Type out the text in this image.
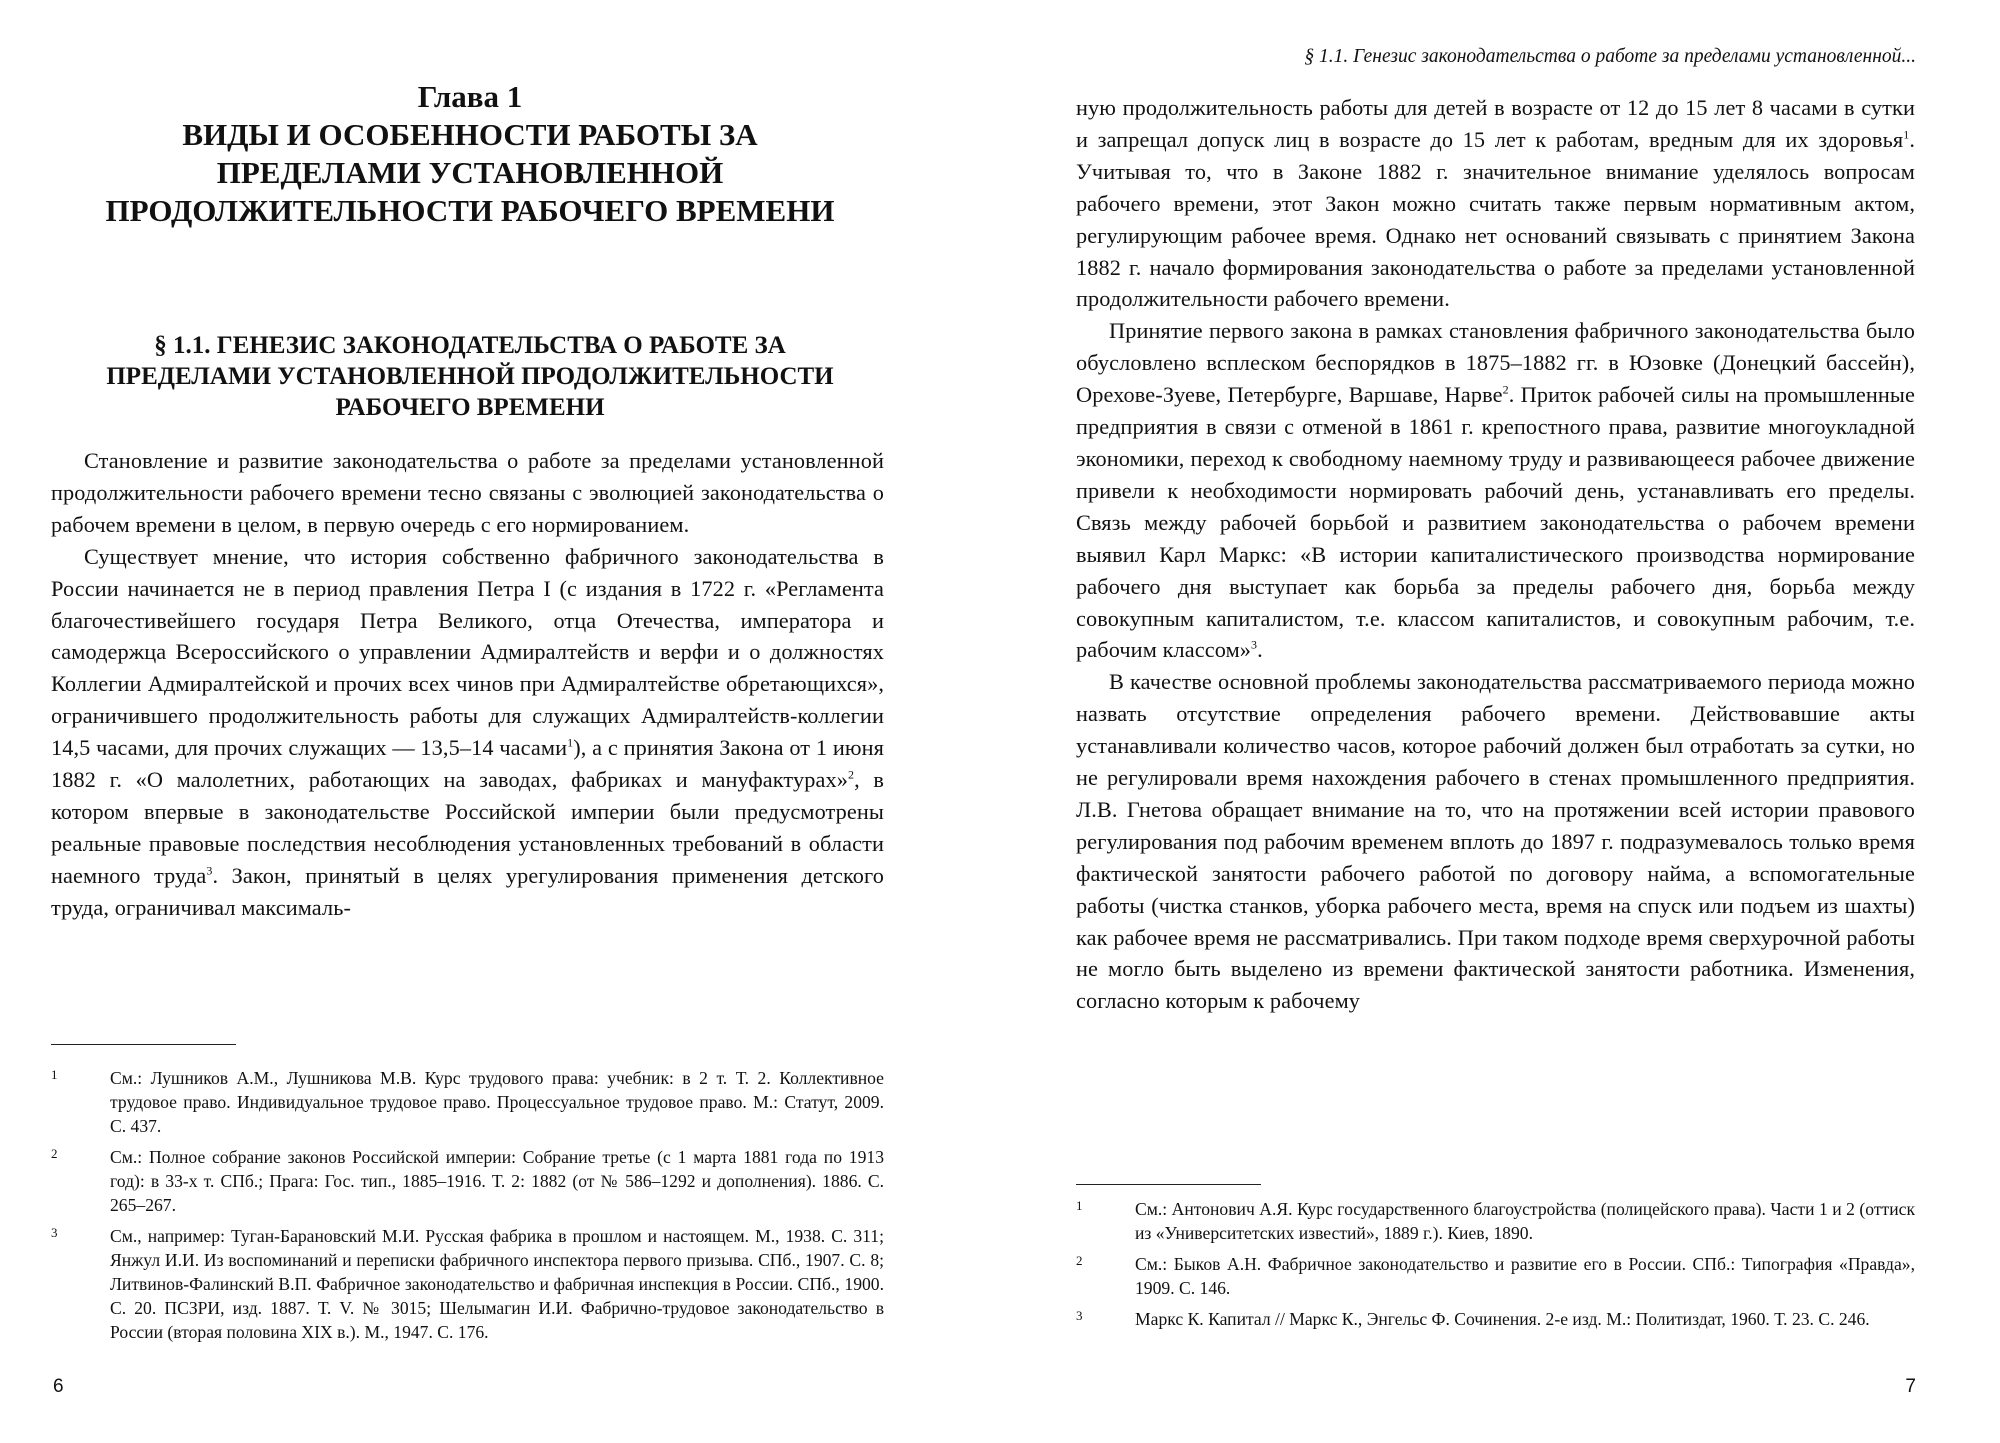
Глава 1
ВИДЫ И ОСОБЕННОСТИ РАБОТЫ ЗА ПРЕДЕЛАМИ УСТАНОВЛЕННОЙ ПРОДОЛЖИТЕЛЬНОСТИ РАБОЧЕГО ВРЕМЕНИ
§ 1.1. ГЕНЕЗИС ЗАКОНОДАТЕЛЬСТВА О РАБОТЕ ЗА ПРЕДЕЛАМИ УСТАНОВЛЕННОЙ ПРОДОЛЖИТЕЛЬНОСТИ РАБОЧЕГО ВРЕМЕНИ

Становление и развитие законодательства о работе за пределами установленной продолжительности рабочего времени тесно связаны с эволюцией законодательства о рабочем времени в целом, в первую очередь с его нормированием.

Существует мнение, что история собственно фабричного законодательства в России начинается не в период правления Петра I (с издания в 1722 г. «Регламента благочестивейшего государя Петра Великого, отца Отечества, императора и самодержца Всероссийского о управлении Адмиралтейств и верфи и о должностях Коллегии Адмиралтейской и прочих всех чинов при Адмиралтействе обретающихся», ограничившего продолжительность работы для служащих Адмиралтейств-коллегии 14,5 часами, для прочих служащих — 13,5–14 часами$^1$), а с принятия Закона от 1 июня 1882 г. «О малолетних, работающих на заводах, фабриках и мануфактурах»$^2$, в котором впервые в законодательстве Российской империи были предусмотрены реальные правовые последствия несоблюдения установленных требований в области наемного труда$^3$. Закон, принятый в целях урегулирования применения детского труда, ограничивал максималь-

1	См.: Лушников А.М., Лушникова М.В. Курс трудового права: учебник: в 2 т. Т. 2. Коллективное трудовое право. Индивидуальное трудовое право. Процессуальное трудовое право. М.: Статут, 2009. С. 437.
2	См.: Полное собрание законов Российской империи: Собрание третье (с 1 марта 1881 года по 1913 год): в 33-х т. СПб.; Прага: Гос. тип., 1885–1916. Т. 2: 1882 (от № 586–1292 и дополнения). 1886. С. 265–267.
3	См., например: Туган-Барановский М.И. Русская фабрика в прошлом и настоящем. М., 1938. С. 311; Янжул И.И. Из воспоминаний и переписки фабричного инспектора первого призыва. СПб., 1907. С. 8; Литвинов-Фалинский В.П. Фабричное законодательство и фабричная инспекция в России. СПб., 1900. С. 20. ПСЗРИ, изд. 1887. Т. V. № 3015; Шелымагин И.И. Фабрично-трудовое законодательство в России (вторая половина XIX в.). М., 1947. С. 176.
6
§ 1.1. Генезис законодательства о работе за пределами установленной...

ную продолжительность работы для детей в возрасте от 12 до 15 лет 8 часами в сутки и запрещал допуск лиц в возрасте до 15 лет к работам, вредным для их здоровья$^1$. Учитывая то, что в Законе 1882 г. значительное внимание уделялось вопросам рабочего времени, этот Закон можно считать также первым нормативным актом, регулирующим рабочее время. Однако нет оснований связывать с принятием Закона 1882 г. начало формирования законодательства о работе за пределами установленной продолжительности рабочего времени.

Принятие первого закона в рамках становления фабричного законодательства было обусловлено всплеском беспорядков в 1875–1882 гг. в Юзовке (Донецкий бассейн), Орехове-Зуеве, Петербурге, Варшаве, Нарве$^2$. Приток рабочей силы на промышленные предприятия в связи с отменой в 1861 г. крепостного права, развитие многоукладной экономики, переход к свободному наемному труду и развивающееся рабочее движение привели к необходимости нормировать рабочий день, устанавливать его пределы. Связь между рабочей борьбой и развитием законодательства о рабочем времени выявил Карл Маркс: «В истории капиталистического производства нормирование рабочего дня выступает как борьба за пределы рабочего дня, борьба между совокупным капиталистом, т.е. классом капиталистов, и совокупным рабочим, т.е. рабочим классом»$^3$.

В качестве основной проблемы законодательства рассматриваемого периода можно назвать отсутствие определения рабочего времени. Действовавшие акты устанавливали количество часов, которое рабочий должен был отработать за сутки, но не регулировали время нахождения рабочего в стенах промышленного предприятия. Л.В. Гнетова обращает внимание на то, что на протяжении всей истории правового регулирования под рабочим временем вплоть до 1897 г. подразумевалось только время фактической занятости рабочего работой по договору найма, а вспомогательные работы (чистка станков, уборка рабочего места, время на спуск или подъем из шахты) как рабочее время не рассматривались. При таком подходе время сверхурочной работы не могло быть выделено из времени фактической занятости работника. Изменения, согласно которым к рабочему

1	См.: Антонович А.Я. Курс государственного благоустройства (полицейского права). Части 1 и 2 (оттиск из «Университетских известий», 1889 г.). Киев, 1890.
2	См.: Быков А.Н. Фабричное законодательство и развитие его в России. СПб.: Типография «Правда», 1909. С. 146.
3	Маркс К. Капитал // Маркс К., Энгельс Ф. Сочинения. 2-е изд. М.: Политиздат, 1960. Т. 23. С. 246.
7
